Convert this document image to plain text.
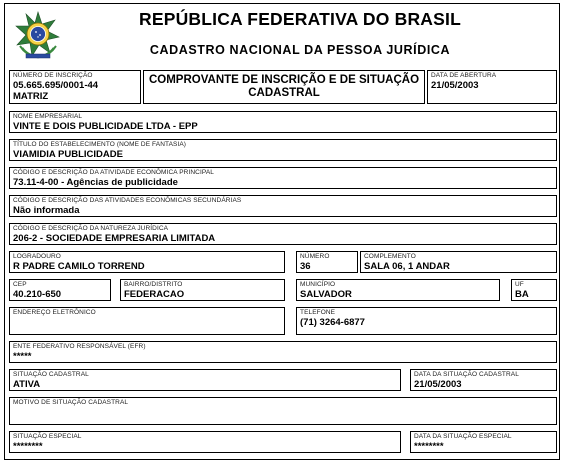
REPÚBLICA FEDERATIVA DO BRASIL
CADASTRO NACIONAL DA PESSOA JURÍDICA
NÚMERO DE INSCRIÇÃO
05.665.695/0001-44
MATRIZ
COMPROVANTE DE INSCRIÇÃO E DE SITUAÇÃO CADASTRAL
DATA DE ABERTURA
21/05/2003
NOME EMPRESARIAL
VINTE E DOIS PUBLICIDADE LTDA - EPP
TÍTULO DO ESTABELECIMENTO (NOME DE FANTASIA)
VIAMIDIA PUBLICIDADE
CÓDIGO E DESCRIÇÃO DA ATIVIDADE ECONÔMICA PRINCIPAL
73.11-4-00 - Agências de publicidade
CÓDIGO E DESCRIÇÃO DAS ATIVIDADES ECONÔMICAS SECUNDÁRIAS
Não informada
CÓDIGO E DESCRIÇÃO DA NATUREZA JURÍDICA
206-2 - SOCIEDADE EMPRESARIA LIMITADA
LOGRADOURO
R PADRE CAMILO TORREND
NÚMERO
36
COMPLEMENTO
SALA 06, 1 ANDAR
CEP
40.210-650
BAIRRO/DISTRITO
FEDERACAO
MUNICÍPIO
SALVADOR
UF
BA
ENDEREÇO ELETRÔNICO	TELEFONE
(71) 3264-6877
ENTE FEDERATIVO RESPONSÁVEL (EFR)
*****
SITUAÇÃO CADASTRAL
ATIVA
DATA DA SITUAÇÃO CADASTRAL
21/05/2003
MOTIVO DE SITUAÇÃO CADASTRAL
SITUAÇÃO ESPECIAL
********
DATA DA SITUAÇÃO ESPECIAL
********
